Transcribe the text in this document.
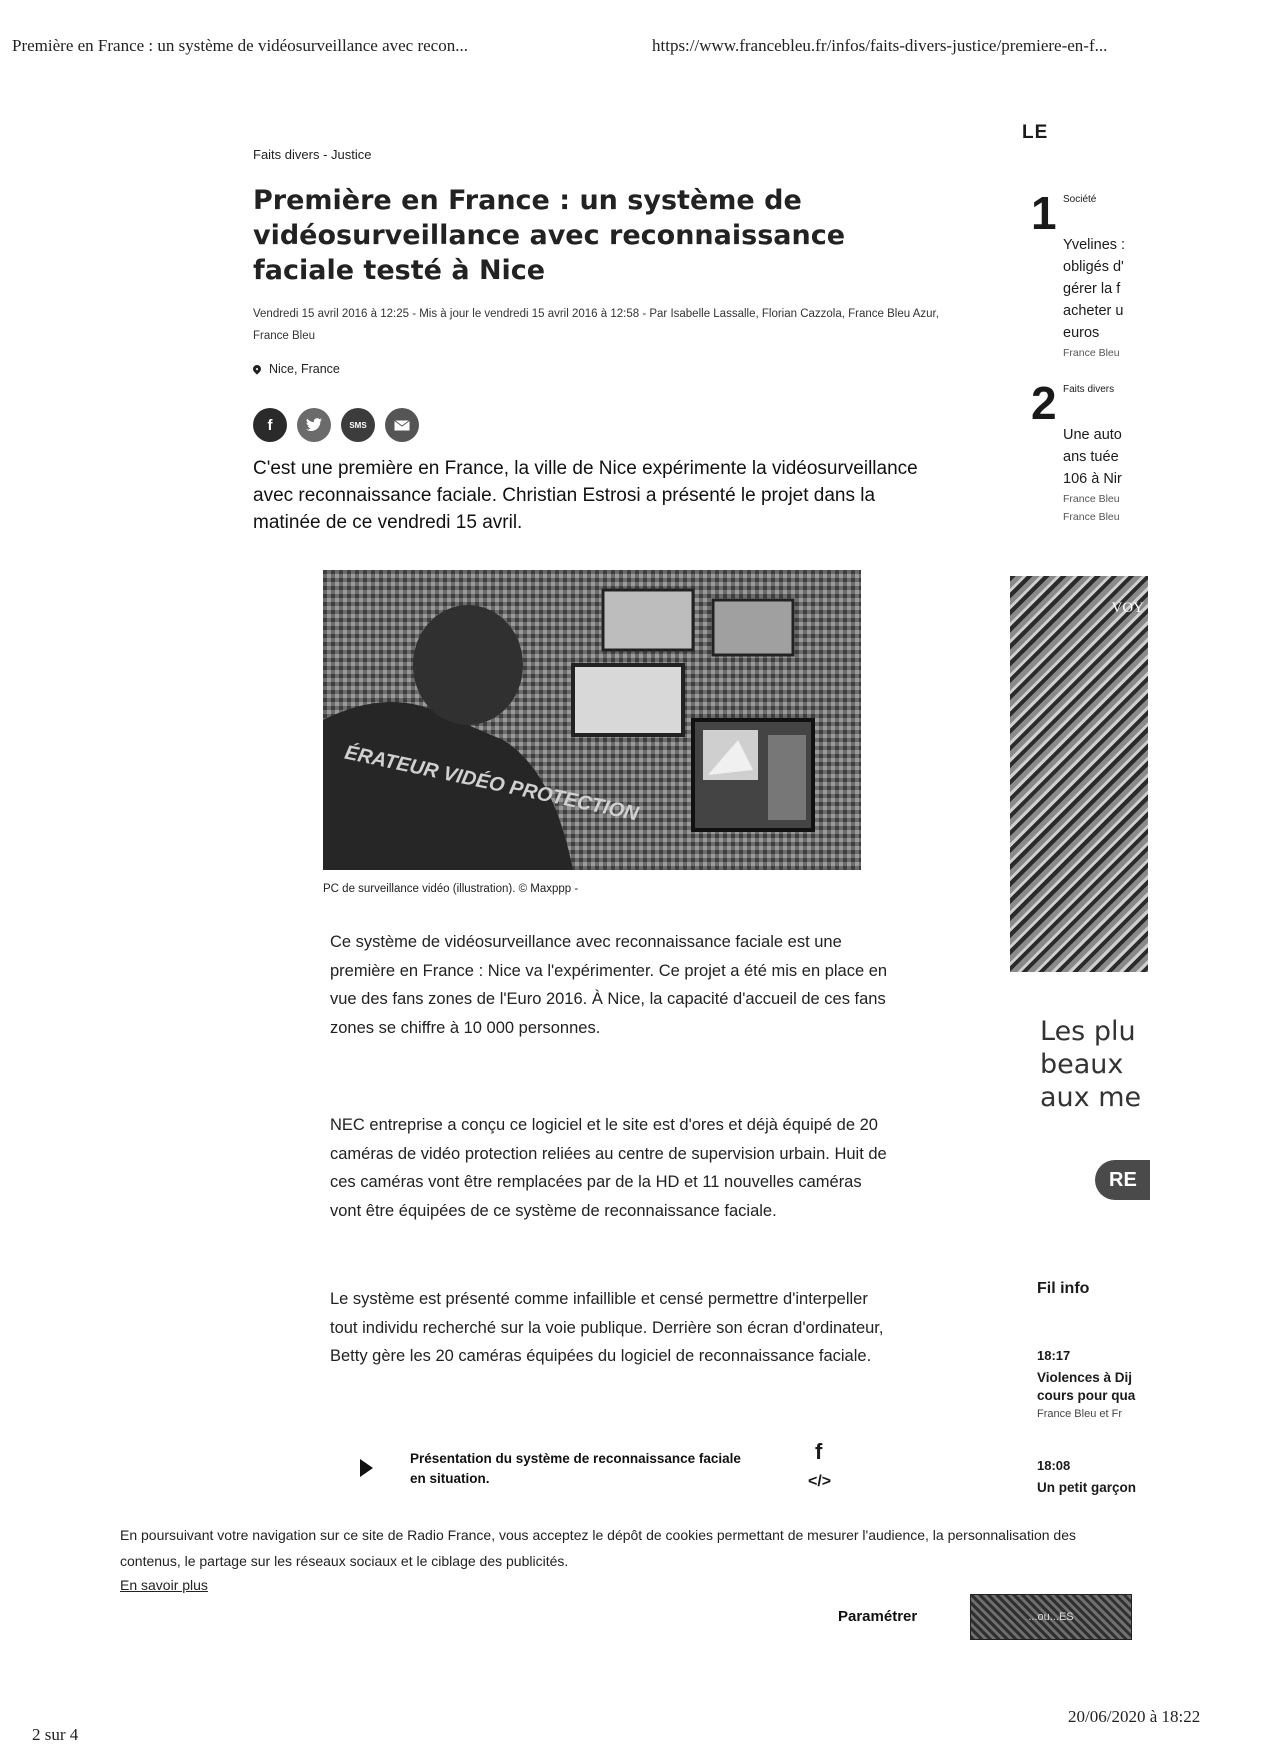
Première en France : un système de vidéosurveillance avec recon...	https://www.francebleu.fr/infos/faits-divers-justice/premiere-en-f...
Faits divers - Justice
Première en France : un système de vidéosurveillance avec reconnaissance faciale testé à Nice
Vendredi 15 avril 2016 à 12:25 - Mis à jour le vendredi 15 avril 2016 à 12:58 - Par Isabelle Lassalle, Florian Cazzola, France Bleu Azur, France Bleu
Nice, France
f	SMS
C'est une première en France, la ville de Nice expérimente la vidéosurveillance avec reconnaissance faciale. Christian Estrosi a présenté le projet dans la matinée de ce vendredi 15 avril.
ÉRATEUR VIDÉO PROTECTION
PC de surveillance vidéo (illustration). © Maxppp -
Ce système de vidéosurveillance avec reconnaissance faciale est une première en France : Nice va l'expérimenter. Ce projet a été mis en place en vue des fans zones de l'Euro 2016. À Nice, la capacité d'accueil de ces fans zones se chiffre à 10 000 personnes.
NEC entreprise a conçu ce logiciel et le site est d'ores et déjà équipé de 20 caméras de vidéo protection reliées au centre de supervision urbain. Huit de ces caméras vont être remplacées par de la HD et 11 nouvelles caméras vont être équipées de ce système de reconnaissance faciale.
Le système est présenté comme infaillible et censé permettre d'interpeller tout individu recherché sur la voie publique. Derrière son écran d'ordinateur, Betty gère les 20 caméras équipées du logiciel de reconnaissance faciale.
Présentation du système de reconnaissance faciale en situation.
f
</>
LE
1 Société

Yvelines :
obligés d'
gérer la f
acheter u
euros

France Bleu

2 Faits divers

Une auto
ans tuée
106 à Nir

France Bleu
France Bleu

VOY
Les plu
beaux
aux me
RE
Fil info
18:17
Violences à Dij
cours pour qua
France Bleu et Fr
18:08
Un petit garçon
En poursuivant votre navigation sur ce site de Radio France, vous acceptez le dépôt de cookies permettant de mesurer l'audience, la personnalisation des contenus, le partage sur les réseaux sociaux et le ciblage des publicités.
En savoir plus
Paramétrer	...ou...ES
2 sur 4
20/06/2020 à 18:22
